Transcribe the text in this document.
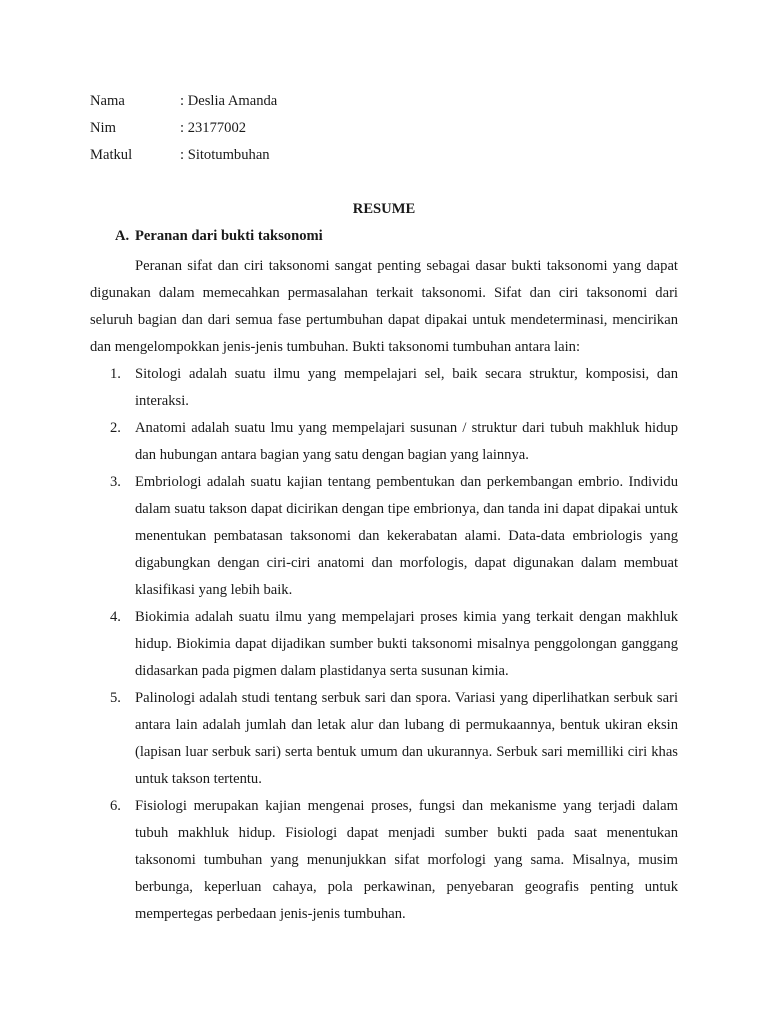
Nama	: Deslia Amanda
Nim	: 23177002
Matkul	: Sitotumbuhan
RESUME
A. Peranan dari bukti taksonomi

Peranan sifat dan ciri taksonomi sangat penting sebagai dasar bukti taksonomi yang dapat digunakan dalam memecahkan permasalahan terkait taksonomi. Sifat dan ciri taksonomi dari seluruh bagian dan dari semua fase pertumbuhan dapat dipakai untuk mendeterminasi, mencirikan dan mengelompokkan jenis-jenis tumbuhan. Bukti taksonomi tumbuhan antara lain:

1. Sitologi adalah suatu ilmu yang mempelajari sel, baik secara struktur, komposisi, dan interaksi.
2. Anatomi adalah suatu lmu yang mempelajari susunan / struktur dari tubuh makhluk hidup dan hubungan antara bagian yang satu dengan bagian yang lainnya.
3. Embriologi adalah suatu kajian tentang pembentukan dan perkembangan embrio. Individu dalam suatu takson dapat dicirikan dengan tipe embrionya, dan tanda ini dapat dipakai untuk menentukan pembatasan taksonomi dan kekerabatan alami. Data-data embriologis yang digabungkan dengan ciri-ciri anatomi dan morfologis, dapat digunakan dalam membuat klasifikasi yang lebih baik.
4. Biokimia adalah suatu ilmu yang mempelajari proses kimia yang terkait dengan makhluk hidup. Biokimia dapat dijadikan sumber bukti taksonomi misalnya penggolongan ganggang didasarkan pada pigmen dalam plastidanya serta susunan kimia.
5. Palinologi adalah studi tentang serbuk sari dan spora. Variasi yang diperlihatkan serbuk sari antara lain adalah jumlah dan letak alur dan lubang di permukaannya, bentuk ukiran eksin (lapisan luar serbuk sari) serta bentuk umum dan ukurannya. Serbuk sari memilliki ciri khas untuk takson tertentu.
6. Fisiologi merupakan kajian mengenai proses, fungsi dan mekanisme yang terjadi dalam tubuh makhluk hidup. Fisiologi dapat menjadi sumber bukti pada saat menentukan taksonomi tumbuhan yang menunjukkan sifat morfologi yang sama. Misalnya, musim berbunga, keperluan cahaya, pola perkawinan, penyebaran geografis penting untuk mempertegas perbedaan jenis-jenis tumbuhan.
